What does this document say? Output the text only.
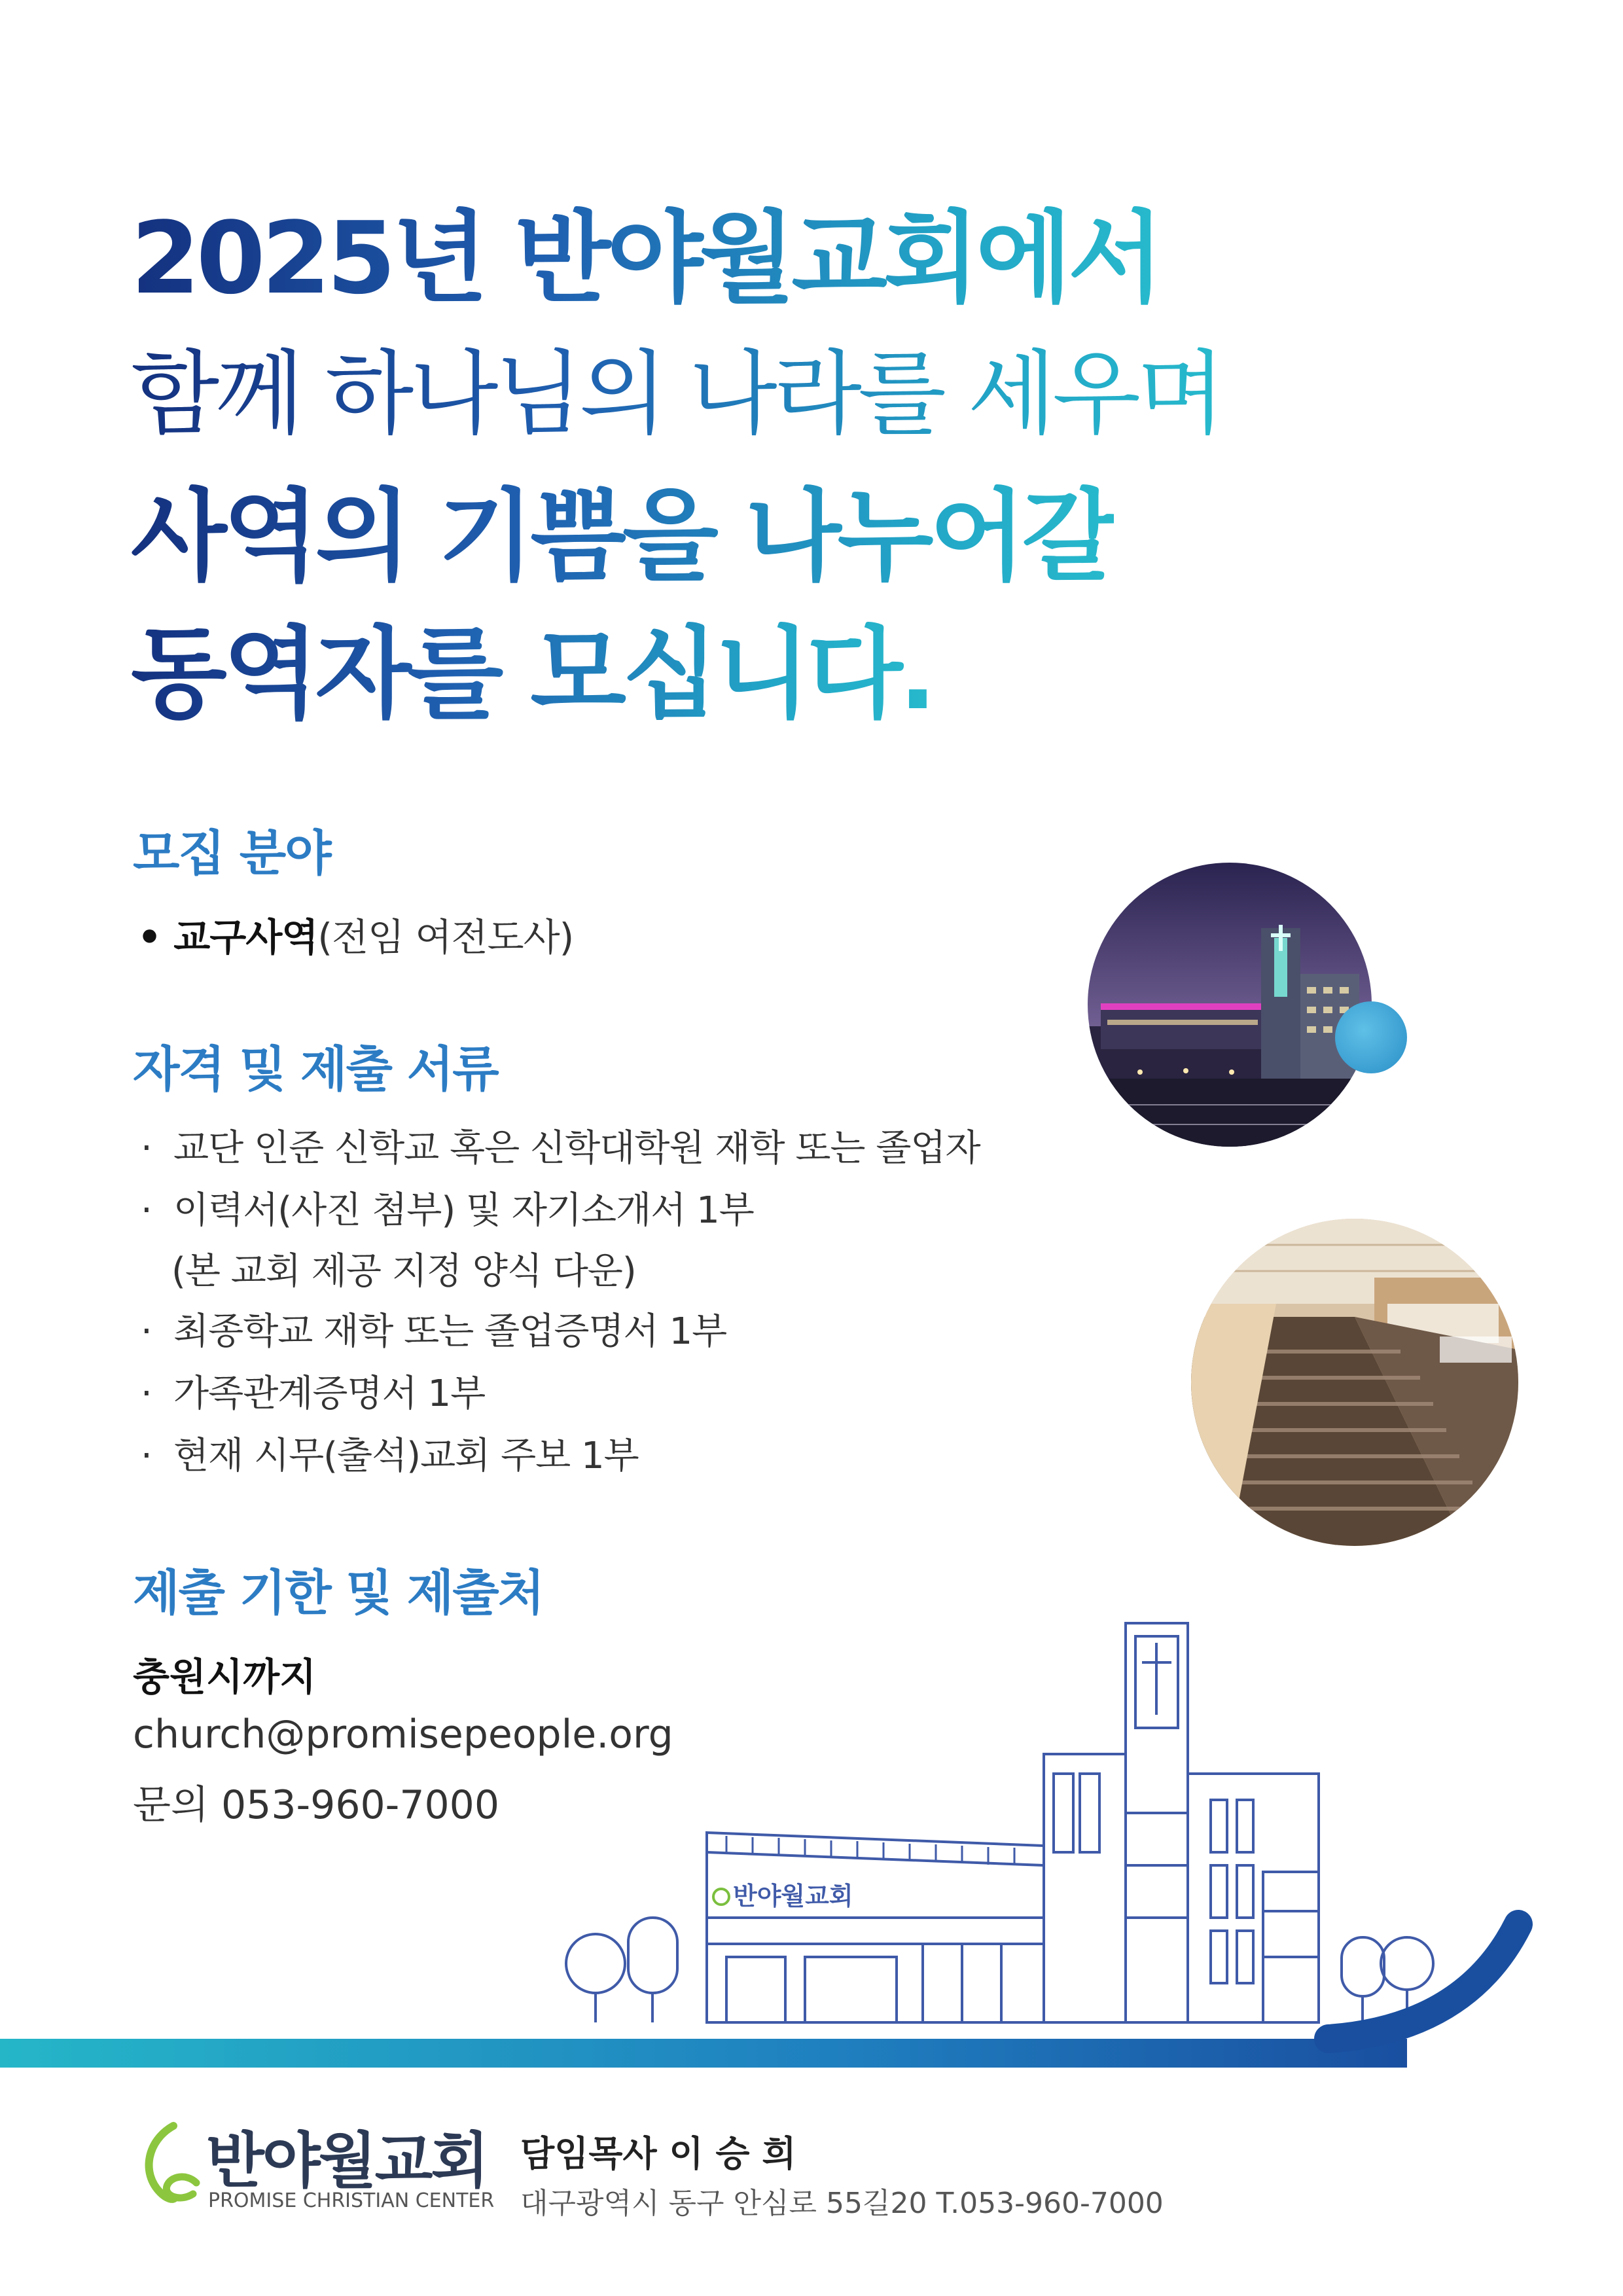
2025년 반야월교회에서
함께 하나님의 나라를 세우며
사역의 기쁨을 나누어갈
동역자를 모십니다.
모집 분야
• 교구사역(전임 여전도사)
자격 및 제출 서류
· 교단 인준 신학교 혹은 신학대학원 재학 또는 졸업자
· 이력서(사진 첨부) 및 자기소개서 1부
(본 교회 제공 지정 양식 다운)
· 최종학교 재학 또는 졸업증명서 1부
· 가족관계증명서 1부
· 현재 시무(출석)교회 주보 1부
제출 기한 및 제출처
충원시까지
church@promisepeople.org
문의 053-960-7000
반야월교회
반야월교회
PROMISE CHRISTIAN CENTER
담임목사 이 승 희
대구광역시 동구 안심로 55길20 T.053-960-7000
